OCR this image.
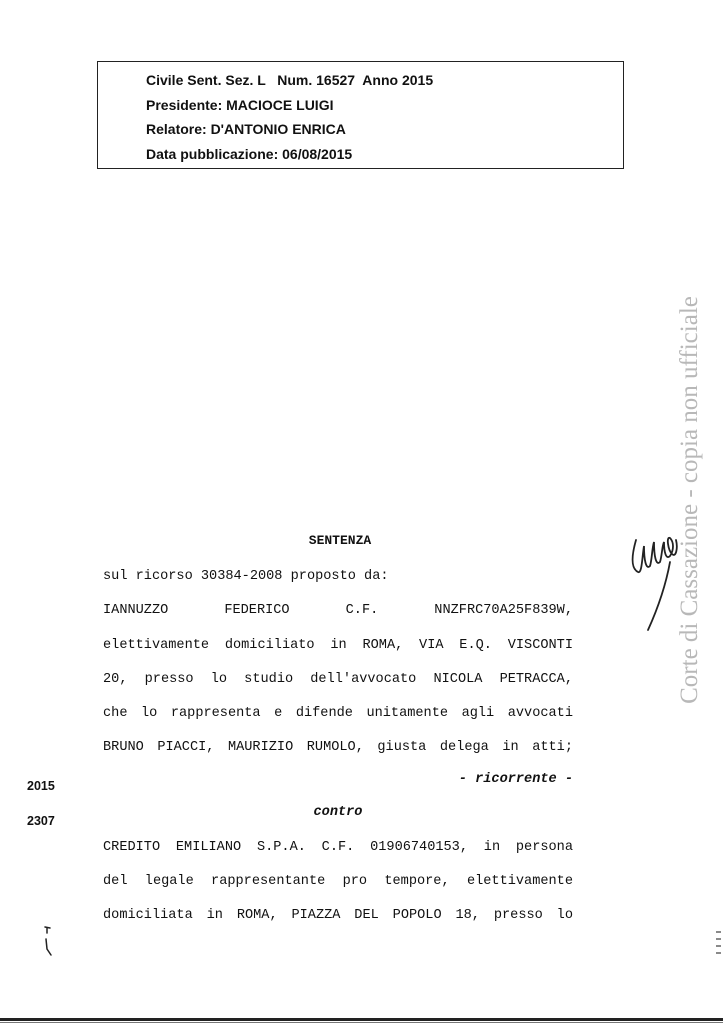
Civile Sent. Sez. L   Num. 16527  Anno 2015
Presidente: MACIOCE LUIGI
Relatore: D'ANTONIO ENRICA
Data pubblicazione: 06/08/2015
Corte di Cassazione - copia non ufficiale
SENTENZA
sul ricorso 30384-2008 proposto da:
IANNUZZO FEDERICO C.F. NNZFRC70A25F839W,
elettivamente domiciliato in ROMA, VIA E.Q. VISCONTI
20, presso lo studio dell'avvocato NICOLA PETRACCA,
che lo rappresenta e difende unitamente agli avvocati
BRUNO PIACCI, MAURIZIO RUMOLO, giusta delega in atti;
- ricorrente -
contro
CREDITO EMILIANO S.P.A. C.F. 01906740153, in persona
del legale rappresentante pro tempore, elettivamente
domiciliata in ROMA, PIAZZA DEL POPOLO 18, presso lo
2015
2307
